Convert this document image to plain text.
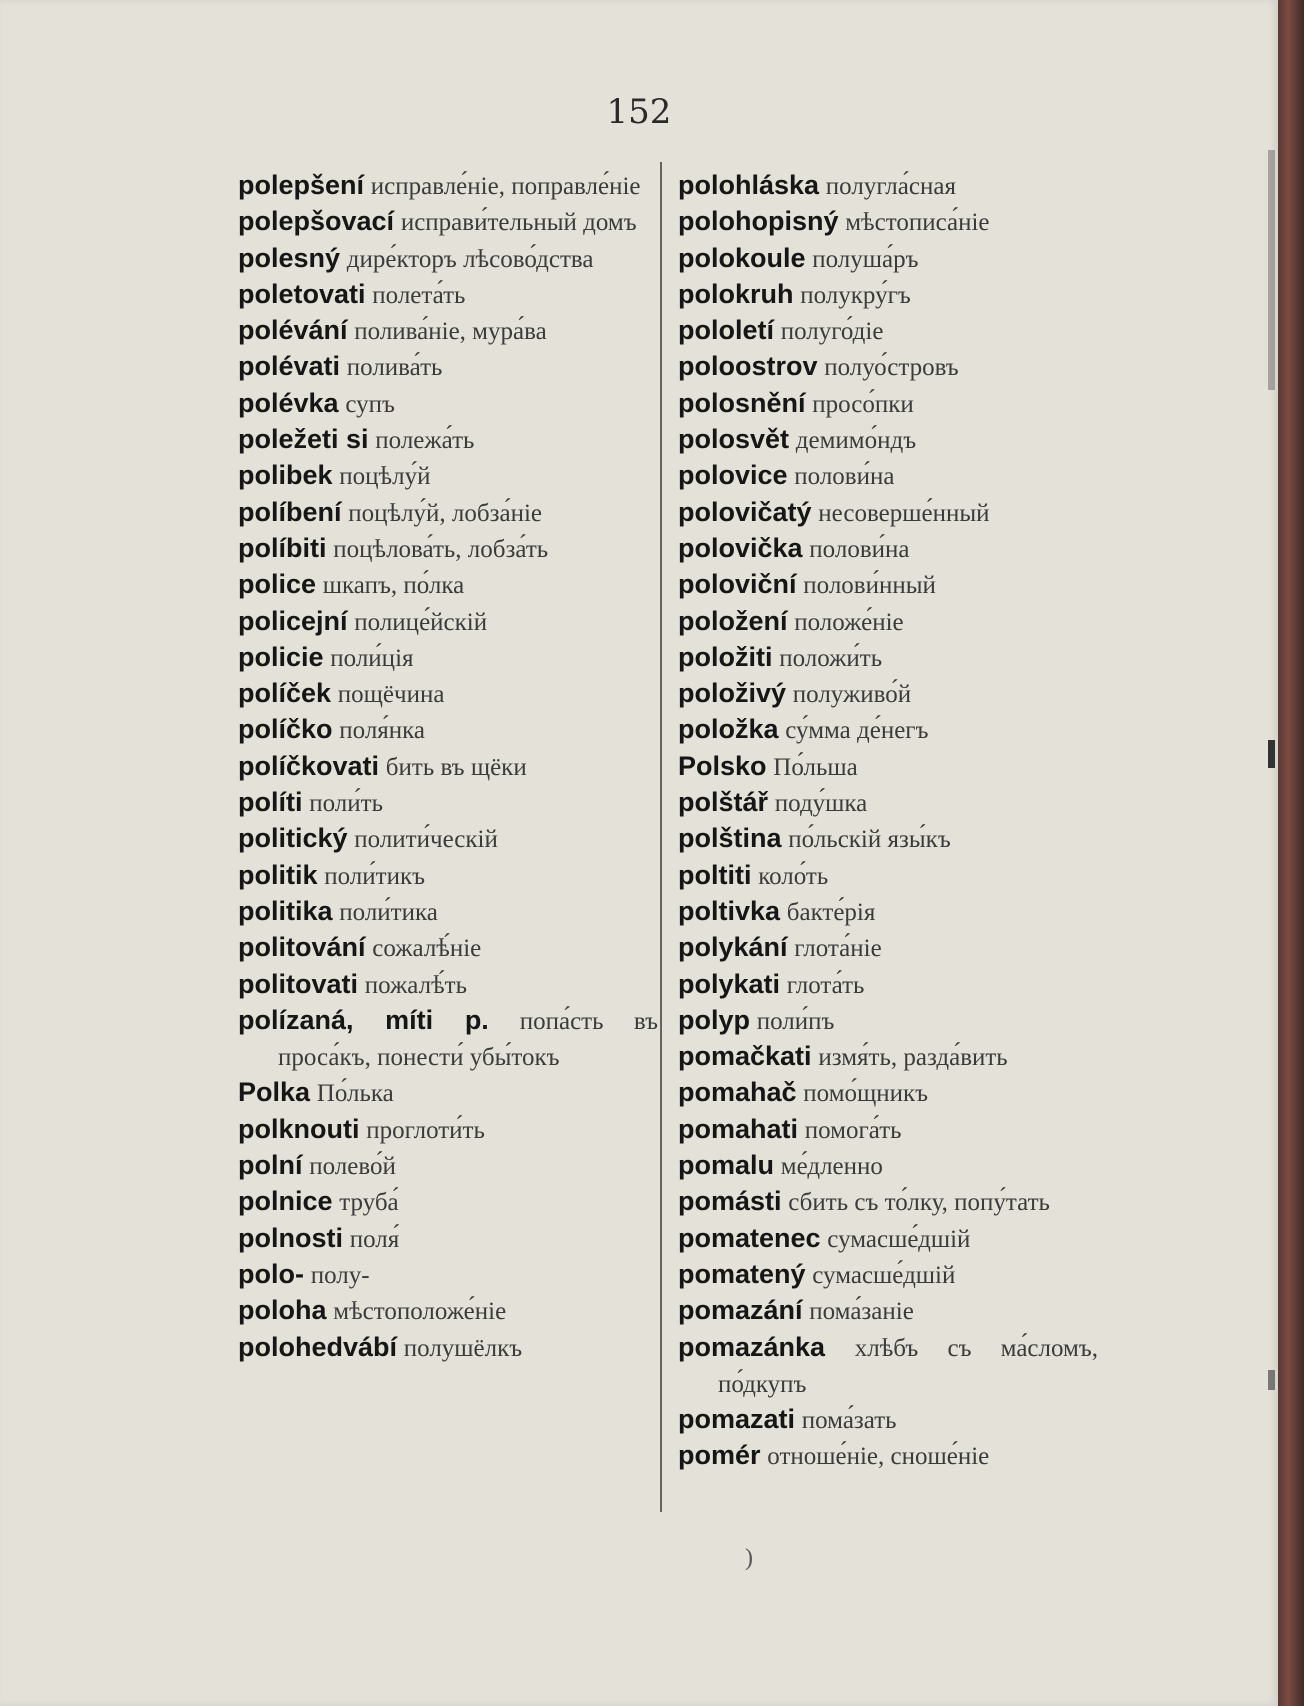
152

polepšení исправле́ніе, поправле́ніе

polepšovací исправи́тельный домъ

polesný дире́кторъ лѣсово́дства

poletovati полета́ть

polévání полива́ніе, мура́ва

polévati полива́ть

polévka супъ

poležeti si полежа́ть

polibek поцѣлу́й

políbení поцѣлу́й, лобза́ніе

políbiti поцѣлова́ть, лобза́ть

police шкапъ, по́лка

policejní полице́йскій

policie поли́ція

políček пощёчина

políčko поля́нка

políčkovati бить въ щёки

políti поли́ть

politický полити́ческій

politik поли́тикъ

politika поли́тика

politování сожалѣ́ніе

politovati пожалѣ́ть

polízaná, míti p. попа́сть въ проса́къ, понести́ убы́токъ

Polka По́лька

polknouti проглоти́ть

polní полево́й

polnice труба́

polnosti поля́

polo- полу-

poloha мѣстоположе́ніе

polohedvábí полушёлкъ

polohláska полугла́сная

polohopisný мѣстописа́ніе

polokoule полуша́ръ

polokruh полукру́гъ

pololetí полуго́діе

poloostrov полуо́стровъ

polosnění просо́пки

polosvět демимо́ндъ

polovice полови́на

polovičatý несоверше́нный

polovička полови́на

poloviční полови́нный

položení положе́ніе

položiti положи́ть

položivý полуживо́й

položka су́мма де́негъ

Polsko По́льша

polštář поду́шка

polština по́льскій язы́къ

poltiti коло́ть

poltivka бакте́рія

polykání глота́ніе

polykati глота́ть

polyp поли́пъ

pomačkati измя́ть, разда́вить

pomahač помо́щникъ

pomahati помога́ть

pomalu ме́дленно

pomásti сбить съ то́лку, попу́тать

pomatenec сумасше́дшій

pomatený сумасше́дшій

pomazání пома́заніе

pomazánka хлѣбъ съ ма́сломъ, по́дкупъ

pomazati пома́зать

pomér отноше́ніе, сноше́ніе

)
